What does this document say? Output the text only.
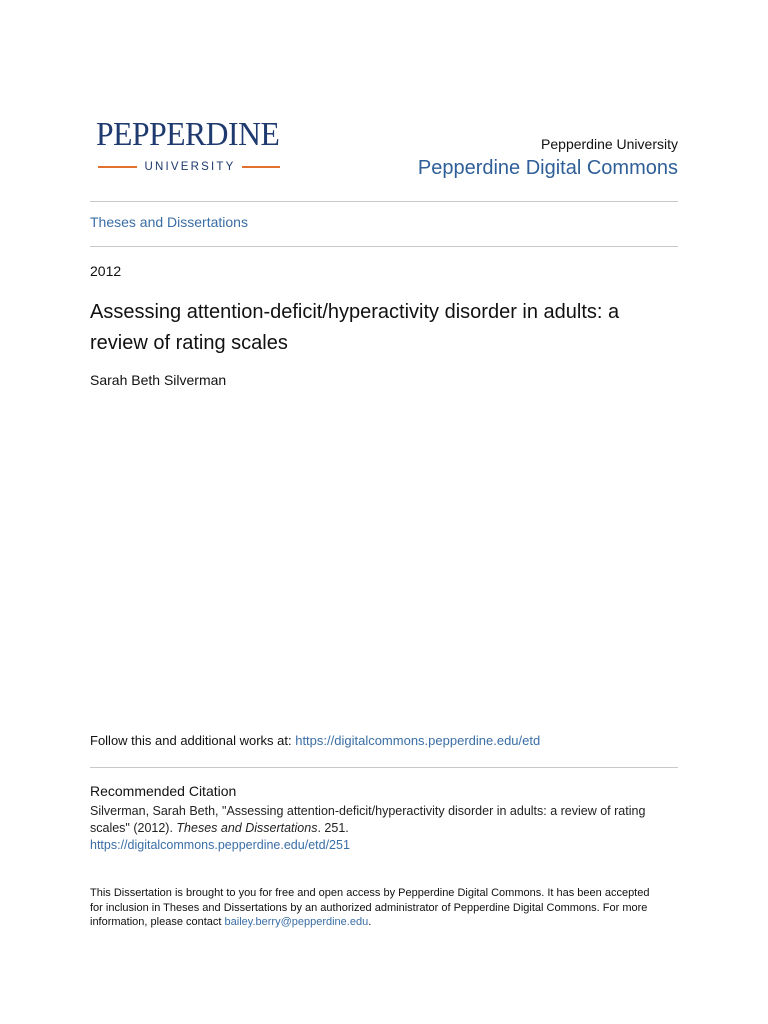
PEPPERDINE
UNIVERSITY
Pepperdine University
Pepperdine Digital Commons
Theses and Dissertations
2012
Assessing attention-deficit/hyperactivity disorder in adults: a review of rating scales
Sarah Beth Silverman
Follow this and additional works at: https://digitalcommons.pepperdine.edu/etd
Recommended Citation
Silverman, Sarah Beth, "Assessing attention-deficit/hyperactivity disorder in adults: a review of rating
scales" (2012). Theses and Dissertations. 251.
https://digitalcommons.pepperdine.edu/etd/251
This Dissertation is brought to you for free and open access by Pepperdine Digital Commons. It has been accepted
for inclusion in Theses and Dissertations by an authorized administrator of Pepperdine Digital Commons. For more
information, please contact bailey.berry@pepperdine.edu.
